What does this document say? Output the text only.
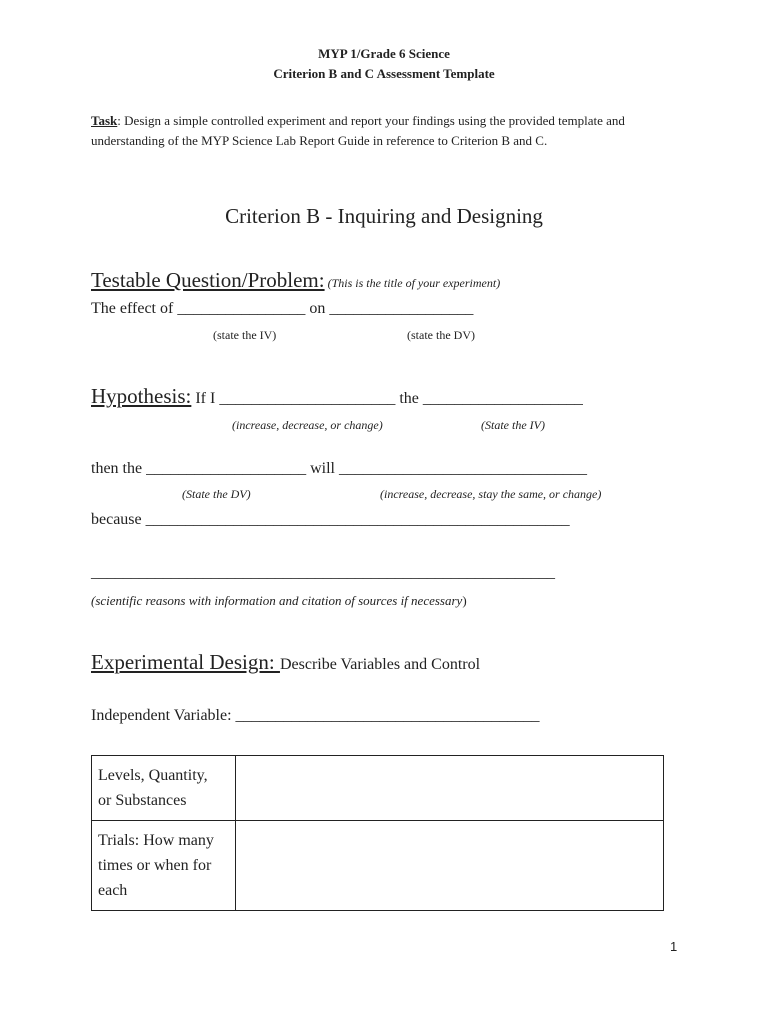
MYP 1/Grade 6 Science
Criterion B and C Assessment Template
Task: Design a simple controlled experiment and report your findings using the provided template and
understanding of the MYP Science Lab Report Guide in reference to Criterion B and C.
Criterion B - Inquiring and Designing
Testable Question/Problem: (This is the title of your experiment)
The effect of ________________ on __________________
(state the IV)	(state the DV)
Hypothesis: If I ______________________ the ____________________
(increase, decrease, or change)	(State the IV)
then the ____________________ will _______________________________
(State the DV)	(increase, decrease, stay the same, or change)
because _____________________________________________________
__________________________________________________________
(scientific reasons with information and citation of sources if necessary)
Experimental Design: Describe Variables and Control
Independent Variable: ______________________________________
Levels, Quantity,
or Substances	

Trials: How many
times or when for
each	

1
